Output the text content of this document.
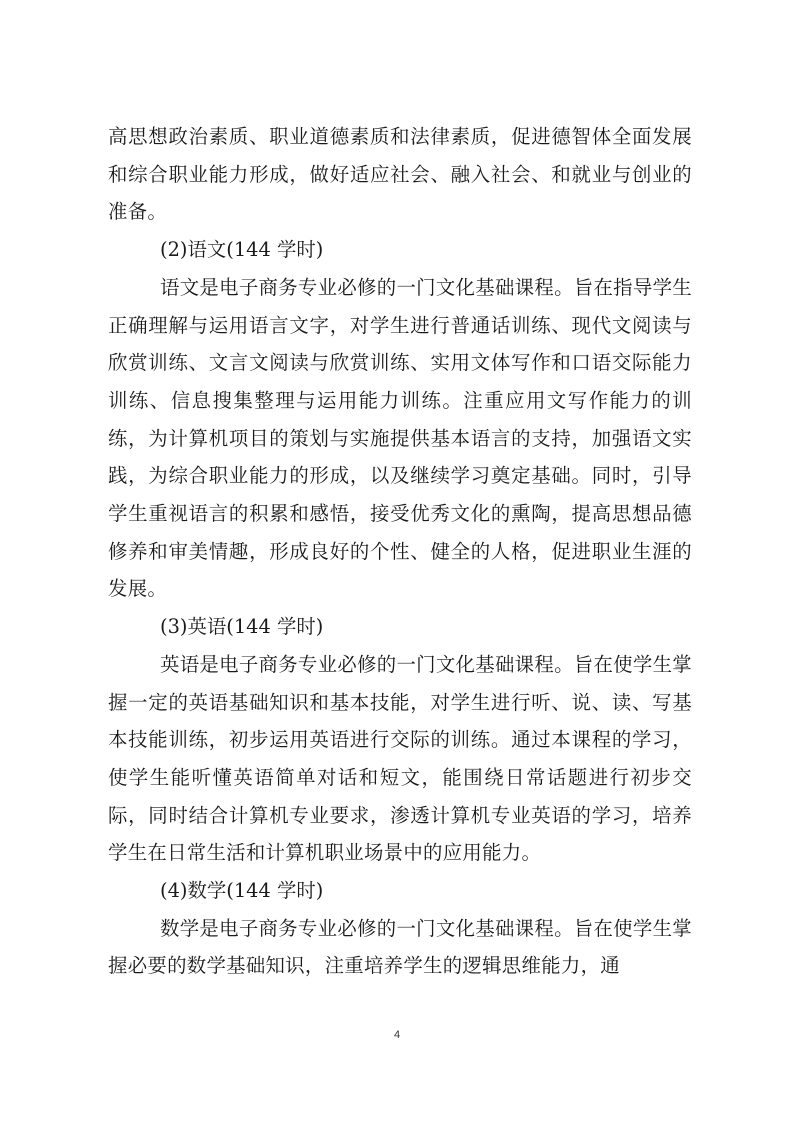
高思想政治素质、职业道德素质和法律素质，促进德智体全面发展和综合职业能力形成，做好适应社会、融入社会、和就业与创业的准备。

(2)语文(144 学时)

语文是电子商务专业必修的一门文化基础课程。旨在指导学生正确理解与运用语言文字，对学生进行普通话训练、现代文阅读与欣赏训练、文言文阅读与欣赏训练、实用文体写作和口语交际能力训练、信息搜集整理与运用能力训练。注重应用文写作能力的训练，为计算机项目的策划与实施提供基本语言的支持，加强语文实践，为综合职业能力的形成，以及继续学习奠定基础。同时，引导学生重视语言的积累和感悟，接受优秀文化的熏陶，提高思想品德修养和审美情趣，形成良好的个性、健全的人格，促进职业生涯的发展。

(3)英语(144 学时)

英语是电子商务专业必修的一门文化基础课程。旨在使学生掌握一定的英语基础知识和基本技能，对学生进行听、说、读、写基本技能训练，初步运用英语进行交际的训练。通过本课程的学习，使学生能听懂英语简单对话和短文，能围绕日常话题进行初步交际，同时结合计算机专业要求，渗透计算机专业英语的学习，培养学生在日常生活和计算机职业场景中的应用能力。

(4)数学(144 学时)

数学是电子商务专业必修的一门文化基础课程。旨在使学生掌握必要的数学基础知识，注重培养学生的逻辑思维能力，通

4
